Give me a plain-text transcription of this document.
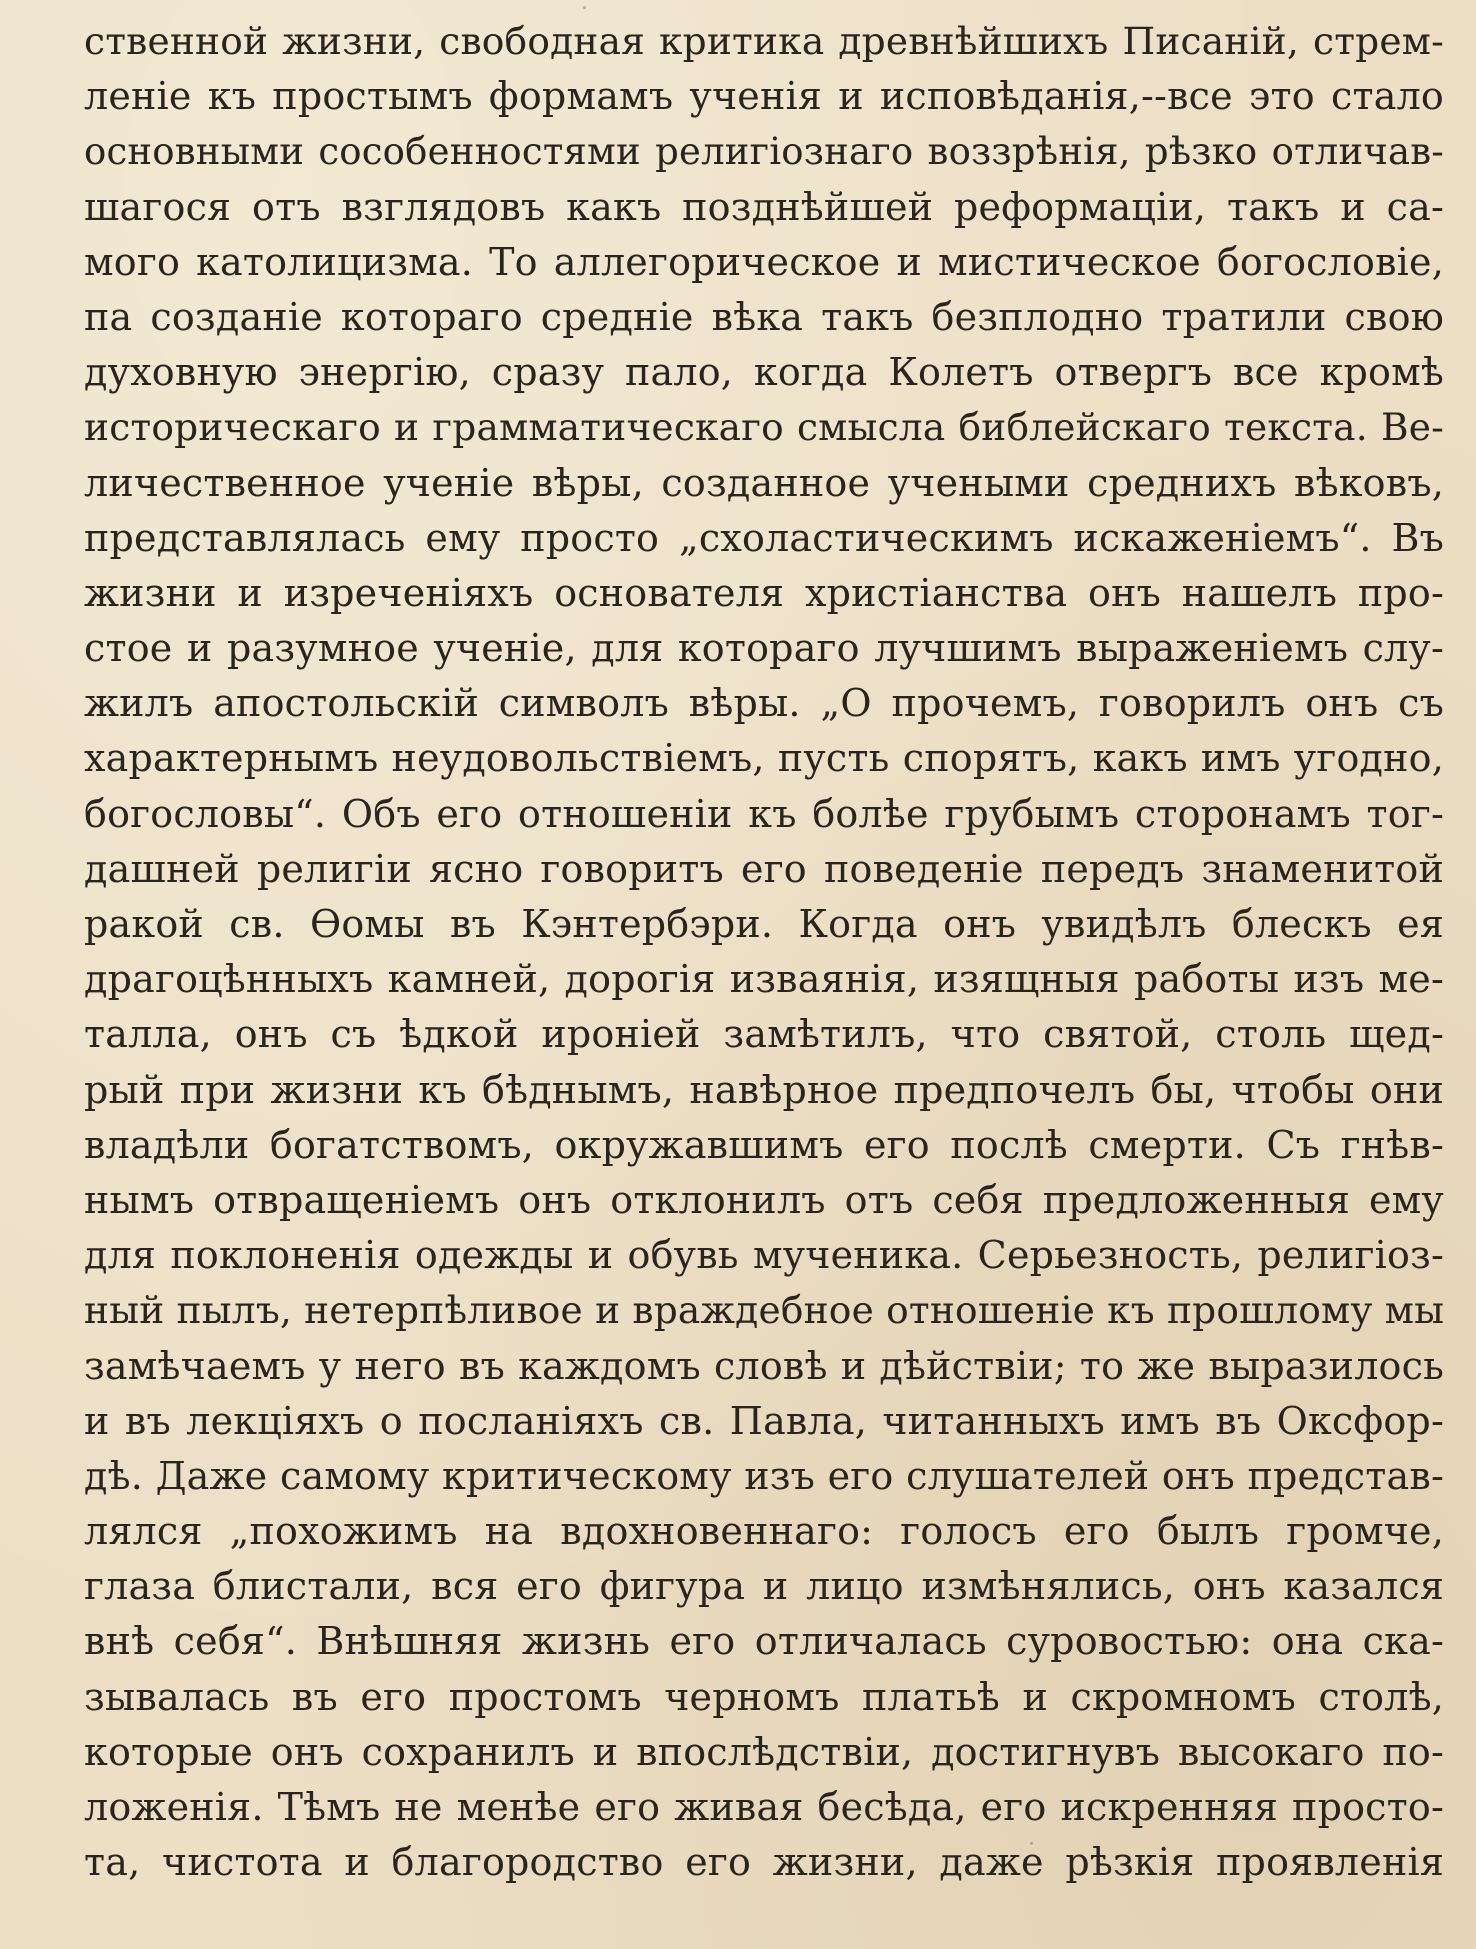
ственной жизни, свободная критика древнѣйшихъ Писаній, стрем-
леніе къ простымъ формамъ ученія и исповѣданія,--все это стало
основными сособенностями религіознаго воззрѣнія, рѣзко отличав-
шагося отъ взглядовъ какъ позднѣйшей реформаціи, такъ и са-
мого католицизма. То аллегорическое и мистическое богословіе,
па созданіе котораго средніе вѣка такъ безплодно тратили свою
духовную энергію, сразу пало, когда Колетъ отвергъ все кромѣ
историческаго и грамматическаго смысла библейскаго текста. Ве-
личественное ученіе вѣры, созданное учеными среднихъ вѣковъ,
представлялась ему просто „схоластическимъ искаженіемъ“. Въ
жизни и изреченіяхъ основателя христіанства онъ нашелъ про-
стое и разумное ученіе, для котораго лучшимъ выраженіемъ слу-
жилъ апостольскій символъ вѣры. „О прочемъ, говорилъ онъ съ
характернымъ неудовольствіемъ, пусть спорятъ, какъ имъ угодно,
богословы“. Объ его отношеніи къ болѣе грубымъ сторонамъ тог-
дашней религіи ясно говоритъ его поведеніе передъ знаменитой
ракой св. Ѳомы въ Кэнтербэри. Когда онъ увидѣлъ блескъ ея
драгоцѣнныхъ камней, дорогія изваянія, изящныя работы изъ ме-
талла, онъ съ ѣдкой ироніей замѣтилъ, что святой, столь щед-
рый при жизни къ бѣднымъ, навѣрное предпочелъ бы, чтобы они
владѣли богатствомъ, окружавшимъ его послѣ смерти. Съ гнѣв-
нымъ отвращеніемъ онъ отклонилъ отъ себя предложенныя ему
для поклоненія одежды и обувь мученика. Серьезность, религіоз-
ный пылъ, нетерпѣливое и враждебное отношеніе къ прошлому мы
замѣчаемъ у него въ каждомъ словѣ и дѣйствіи; то же выразилось
и въ лекціяхъ о посланіяхъ св. Павла, читанныхъ имъ въ Оксфор-
дѣ. Даже самому критическому изъ его слушателей онъ представ-
лялся „похожимъ на вдохновеннаго: голосъ его былъ громче,
глаза блистали, вся его фигура и лицо измѣнялись, онъ казался
внѣ себя“. Внѣшняя жизнь его отличалась суровостью: она ска-
зывалась въ его простомъ черномъ платьѣ и скромномъ столѣ,
которые онъ сохранилъ и впослѣдствіи, достигнувъ высокаго по-
ложенія. Тѣмъ не менѣе его живая бесѣда, его искренняя просто-
та, чистота и благородство его жизни, даже рѣзкія проявленія
